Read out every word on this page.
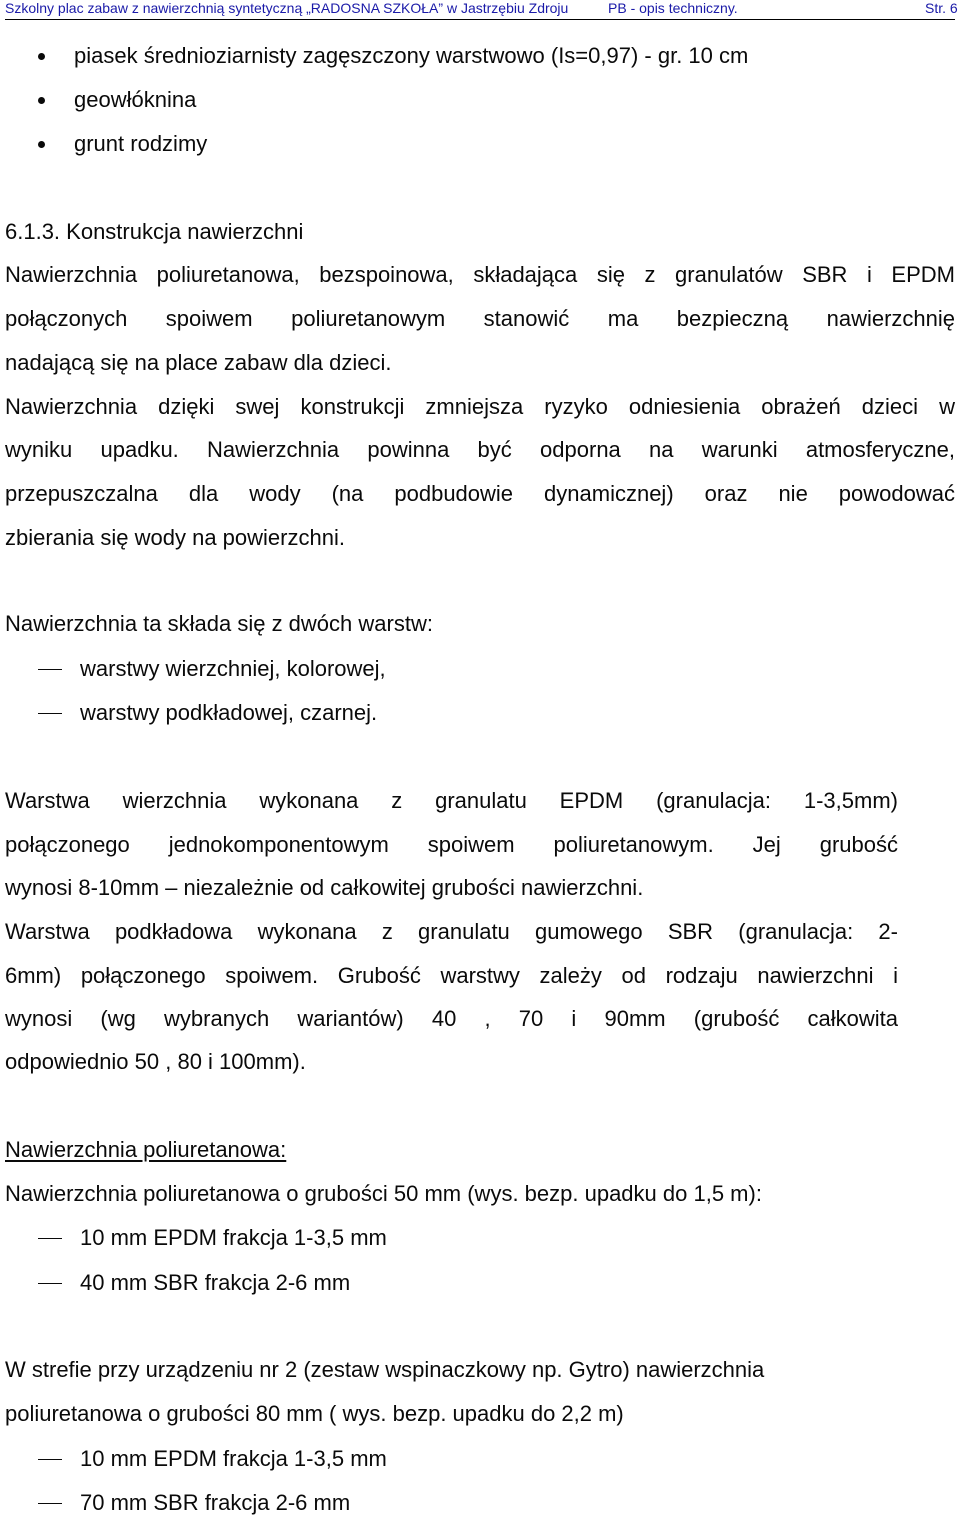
Szkolny plac zabaw z nawierzchnią syntetyczną „RADOSNA SZKOŁA” w Jastrzębiu Zdroju	PB - opis techniczny.	Str. 6
piasek średnioziarnisty zagęszczony warstwowo (Is=0,97) - gr. 10 cm
geowłóknina
grunt rodzimy
6.1.3. Konstrukcja nawierzchni
Nawierzchnia poliuretanowa, bezspoinowa, składająca się z granulatów SBR i EPDM
połączonych spoiwem poliuretanowym stanowić ma bezpieczną nawierzchnię
nadającą się na place zabaw dla dzieci.
Nawierzchnia dzięki swej konstrukcji zmniejsza ryzyko odniesienia obrażeń dzieci w
wyniku upadku. Nawierzchnia powinna być odporna na warunki atmosferyczne,
przepuszczalna dla wody (na podbudowie dynamicznej) oraz nie powodować
zbierania się wody na powierzchni.
Nawierzchnia ta składa się z dwóch warstw:
warstwy wierzchniej, kolorowej,
warstwy podkładowej, czarnej.
Warstwa wierzchnia wykonana z granulatu EPDM (granulacja: 1-3,5mm)
połączonego jednokomponentowym spoiwem poliuretanowym. Jej grubość
wynosi 8-10mm – niezależnie od całkowitej grubości nawierzchni.
Warstwa podkładowa wykonana z granulatu gumowego SBR (granulacja: 2-
6mm) połączonego spoiwem. Grubość warstwy zależy od rodzaju nawierzchni i
wynosi (wg wybranych wariantów) 40 , 70 i 90mm (grubość całkowita
odpowiednio 50 , 80 i 100mm).
Nawierzchnia poliuretanowa:
Nawierzchnia poliuretanowa o grubości 50 mm (wys. bezp. upadku do 1,5 m):
10 mm EPDM frakcja 1-3,5 mm
40 mm SBR frakcja 2-6 mm
W strefie przy urządzeniu nr 2 (zestaw wspinaczkowy np. Gytro) nawierzchnia
poliuretanowa o grubości 80 mm ( wys. bezp. upadku do 2,2 m)
10 mm EPDM frakcja 1-3,5 mm
70 mm SBR frakcja 2-6 mm
